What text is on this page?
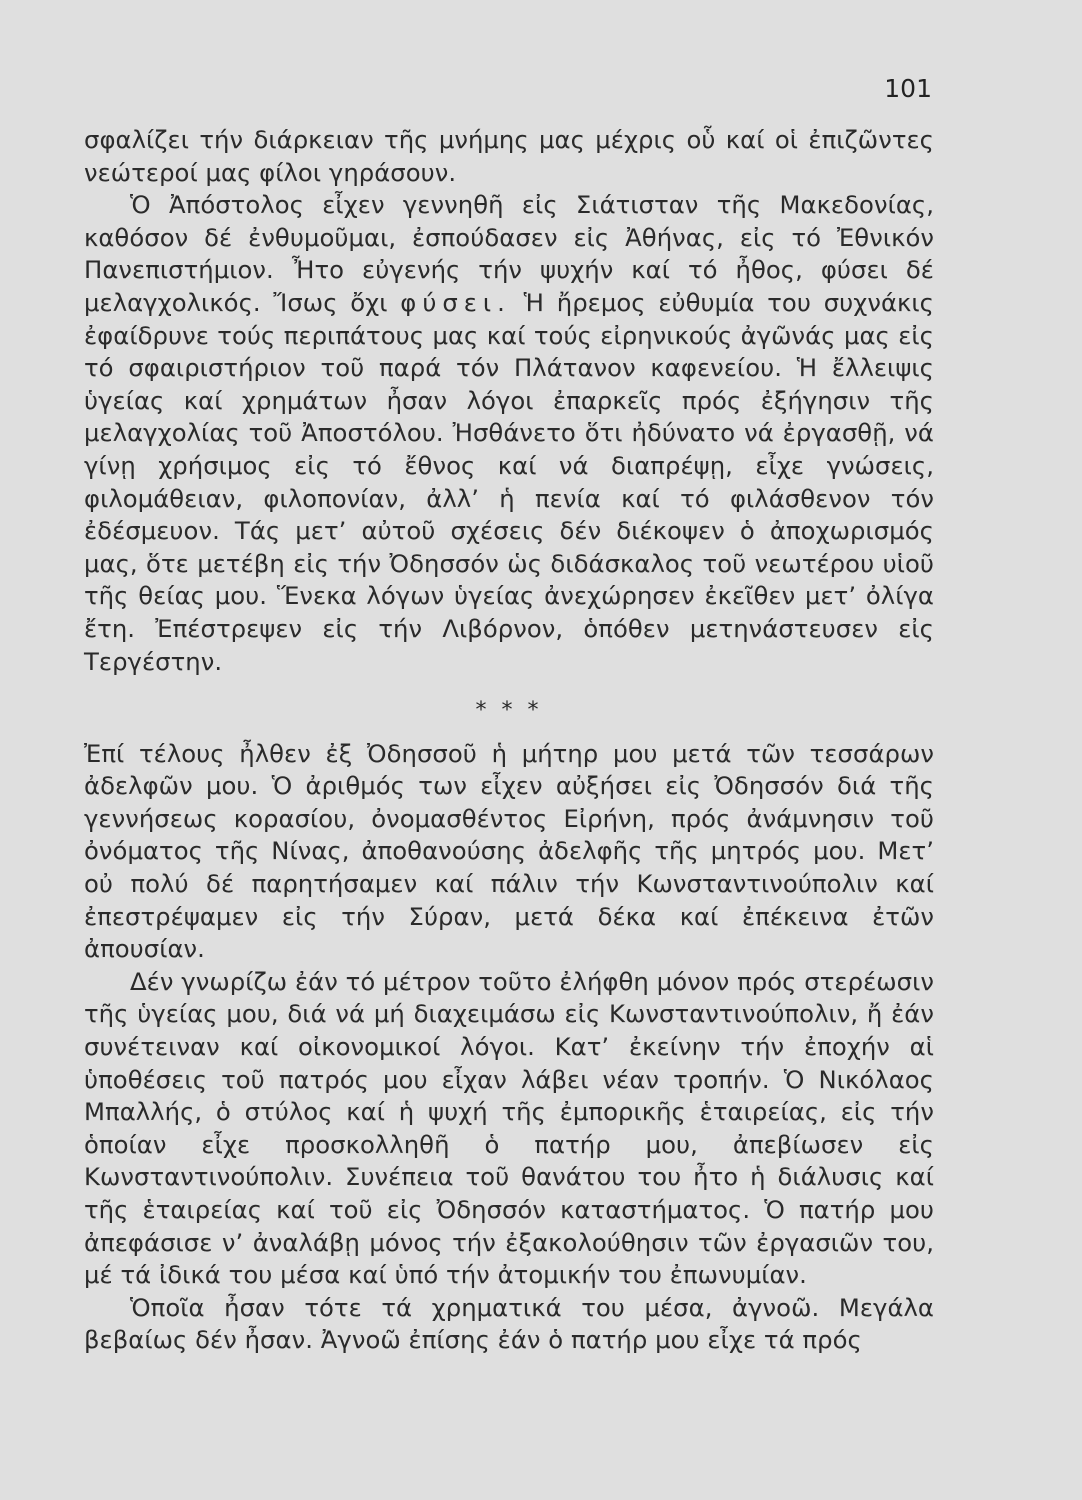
101

σφαλίζει τήν διάρκειαν τῆς μνήμης μας μέχρις οὗ καί οἱ ἐπιζῶντες νεώτεροί μας φίλοι γηράσουν.

Ὁ Ἀπόστολος εἶχεν γεννηθῆ εἰς Σιάτισταν τῆς Μακεδονίας, καθόσον δέ ἐνθυμοῦμαι, ἐσπούδασεν εἰς Ἀθήνας, εἰς τό Ἐθνικόν Πανεπιστήμιον. Ἦτο εὐγενής τήν ψυχήν καί τό ἦθος, φύσει δέ μελαγχολικός. Ἴσως ὄχι φύσει. Ἡ ἤρεμος εὐθυμία του συχνάκις ἐφαίδρυνε τούς περιπάτους μας καί τούς εἰρηνικούς ἀγῶνάς μας εἰς τό σφαιριστήριον τοῦ παρά τόν Πλάτανον καφενείου. Ἡ ἔλλειψις ὑγείας καί χρημάτων ἦσαν λόγοι ἐπαρκεῖς πρός ἐξήγησιν τῆς μελαγχολίας τοῦ Ἀποστόλου. Ἠσθάνετο ὅτι ἠδύνατο νά ἐργασθῇ, νά γίνῃ χρήσιμος εἰς τό ἔθνος καί νά διαπρέψῃ, εἶχε γνώσεις, φιλομάθειαν, φιλοπονίαν, ἀλλ’ ἡ πενία καί τό φιλάσθενον τόν ἐδέσμευον. Τάς μετ’ αὐτοῦ σχέσεις δέν διέκοψεν ὁ ἀποχωρισμός μας, ὅτε μετέβη εἰς τήν Ὀδησσόν ὡς διδάσκαλος τοῦ νεωτέρου υἱοῦ τῆς θείας μου. Ἕνεκα λόγων ὑγείας ἀνεχώρησεν ἐκεῖθεν μετ’ ὀλίγα ἔτη. Ἐπέστρεψεν εἰς τήν Λιβόρνον, ὁπόθεν μετηνάστευσεν εἰς Τεργέστην.

* * *

Ἐπί τέλους ἦλθεν ἐξ Ὀδησσοῦ ἡ μήτηρ μου μετά τῶν τεσσάρων ἀδελφῶν μου. Ὁ ἀριθμός των εἶχεν αὐξήσει εἰς Ὀδησσόν διά τῆς γεννήσεως κορασίου, ὀνομασθέντος Εἰρήνη, πρός ἀνάμνησιν τοῦ ὀνόματος τῆς Νίνας, ἀποθανούσης ἀδελφῆς τῆς μητρός μου. Μετ’ οὐ πολύ δέ παρητήσαμεν καί πάλιν τήν Κωνσταντινούπολιν καί ἐπεστρέψαμεν εἰς τήν Σύραν, μετά δέκα καί ἐπέκεινα ἐτῶν ἀπουσίαν.

Δέν γνωρίζω ἐάν τό μέτρον τοῦτο ἐλήφθη μόνον πρός στερέωσιν τῆς ὑγείας μου, διά νά μή διαχειμάσω εἰς Κωνσταντινούπολιν, ἤ ἐάν συνέτειναν καί οἰκονομικοί λόγοι. Κατ’ ἐκείνην τήν ἐποχήν αἱ ὑποθέσεις τοῦ πατρός μου εἶχαν λάβει νέαν τροπήν. Ὁ Νικόλαος Μπαλλής, ὁ στύλος καί ἡ ψυχή τῆς ἐμπορικῆς ἑταιρείας, εἰς τήν ὁποίαν εἶχε προσκολληθῆ ὁ πατήρ μου, ἀπεβίωσεν εἰς Κωνσταντινούπολιν. Συνέπεια τοῦ θανάτου του ἦτο ἡ διάλυσις καί τῆς ἑταιρείας καί τοῦ εἰς Ὀδησσόν καταστήματος. Ὁ πατήρ μου ἀπεφάσισε ν’ ἀναλάβῃ μόνος τήν ἐξακολούθησιν τῶν ἐργασιῶν του, μέ τά ἰδικά του μέσα καί ὑπό τήν ἀτομικήν του ἐπωνυμίαν.

Ὁποῖα ἦσαν τότε τά χρηματικά του μέσα, ἀγνοῶ. Μεγάλα βεβαίως δέν ἦσαν. Ἀγνοῶ ἐπίσης ἐάν ὁ πατήρ μου εἶχε τά πρός
